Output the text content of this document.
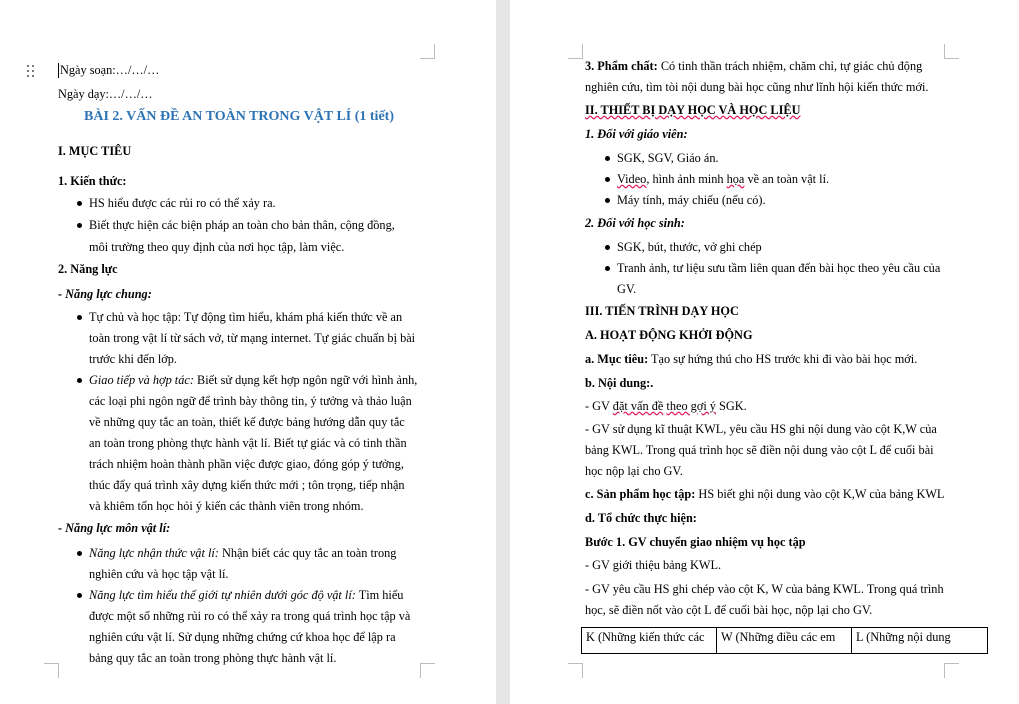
Ngày soạn:…/…/…
Ngày dạy:…/…/…
BÀI 2. VẤN ĐỀ AN TOÀN TRONG VẬT LÍ (1 tiết)
I. MỤC TIÊU
1. Kiến thức:
HS hiểu được các rủi ro có thể xảy ra.
Biết thực hiện các biện pháp an toàn cho bản thân, cộng đồng,
môi trường theo quy định của nơi học tập, làm việc.
2. Năng lực
- Năng lực chung:
Tự chủ và học tập: Tự động tìm hiểu, khám phá kiến thức về an
toàn trong vật lí từ sách vở, từ mạng internet. Tự giác chuẩn bị bài
trước khi đến lớp.
Giao tiếp và hợp tác: Biết sử dụng kết hợp ngôn ngữ với hình ảnh,
các loại phi ngôn ngữ để trình bày thông tin, ý tưởng và thảo luận
về những quy tắc an toàn, thiết kế được bảng hướng dẫn quy tắc
an toàn trong phòng thực hành vật lí. Biết tự giác và có tinh thần
trách nhiệm hoàn thành phần việc được giao, đóng góp ý tưởng,
thúc đẩy quá trình xây dựng kiến thức mới ; tôn trọng, tiếp nhận
và khiêm tốn học hỏi ý kiến các thành viên trong nhóm.
- Năng lực môn vật lí:
Năng lực nhận thức vật lí: Nhận biết các quy tắc an toàn trong
nghiên cứu và học tập vật lí.
Năng lực tìm hiểu thế giới tự nhiên dưới góc độ vật lí: Tìm hiểu
được một số những rủi ro có thể xảy ra trong quá trình học tập và
nghiên cứu vật lí. Sử dụng những chứng cứ khoa học để lập ra
bảng quy tắc an toàn trong phòng thực hành vật lí.
3. Phẩm chất: Có tinh thần trách nhiệm, chăm chỉ, tự giác chủ động
nghiên cứu, tìm tòi nội dung bài học cũng như lĩnh hội kiến thức mới.
II. THIẾT BỊ DẠY HỌC VÀ HỌC LIỆU
1. Đối với giáo viên:
SGK, SGV, Giáo án.
Video, hình ảnh minh họa về an toàn vật lí.
Máy tính, máy chiếu (nếu có).
2. Đối với học sinh:
SGK, bút, thước, vở ghi chép
Tranh ảnh, tư liệu sưu tầm liên quan đến bài học theo yêu cầu của
GV.
III. TIẾN TRÌNH DẠY HỌC
A. HOẠT ĐỘNG KHỞI ĐỘNG
a. Mục tiêu: Tạo sự hứng thú cho HS trước khi đi vào bài học mới.
b. Nội dung:.
- GV đặt vấn đề theo gợi ý SGK.
- GV sử dụng kĩ thuật KWL, yêu cầu HS ghi nội dung vào cột K,W của
bảng KWL. Trong quá trình học sẽ điền nội dung vào cột L để cuối bài
học nộp lại cho GV.
c. Sản phẩm học tập: HS biết ghi nội dung vào cột K,W của bảng KWL
d. Tổ chức thực hiện:
Bước 1. GV chuyển giao nhiệm vụ học tập
- GV giới thiệu bảng KWL.
- GV yêu cầu HS ghi chép vào cột K, W của bảng KWL. Trong quá trình
học, sẽ điền nốt vào cột L để cuối bài học, nộp lại cho GV.
K (Những kiến thức các	W (Những điều các em	L (Những nội dung
